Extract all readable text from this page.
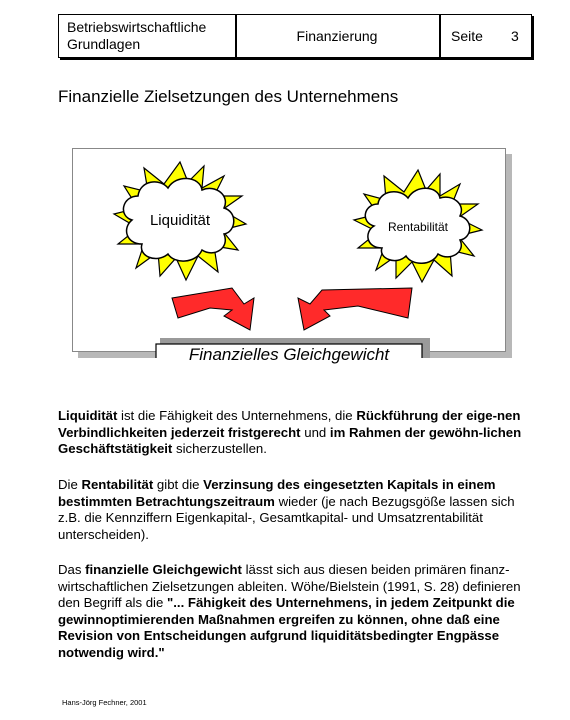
Betriebswirtschaftliche Grundlagen	Finanzierung	Seite	3
Finanzielle Zielsetzungen des Unternehmens
Liquidität	Rentabilität
Finanzielles Gleichgewicht

Liquidität ist die Fähigkeit des Unternehmens, die Rückführung der eige-nen Verbindlichkeiten jederzeit fristgerecht und im Rahmen der gewöhn-lichen Geschäftstätigkeit sicherzustellen.

Die Rentabilität gibt die Verzinsung des eingesetzten Kapitals in einem bestimmten Betrachtungszeitraum wieder (je nach Bezugsgöße lassen sich z.B. die Kennziffern Eigenkapital-, Gesamtkapital- und Umsatzrentabilität unterscheiden).

Das finanzielle Gleichgewicht lässt sich aus diesen beiden primären finanz-wirtschaftlichen Zielsetzungen ableiten. Wöhe/Bielstein (1991, S. 28) definieren den Begriff als die "... Fähigkeit des Unternehmens, in jedem Zeitpunkt die gewinnoptimierenden Maßnahmen ergreifen zu können, ohne daß eine Revision von Entscheidungen aufgrund liquiditätsbedingter Engpässe notwendig wird."

Hans-Jörg Fechner, 2001
